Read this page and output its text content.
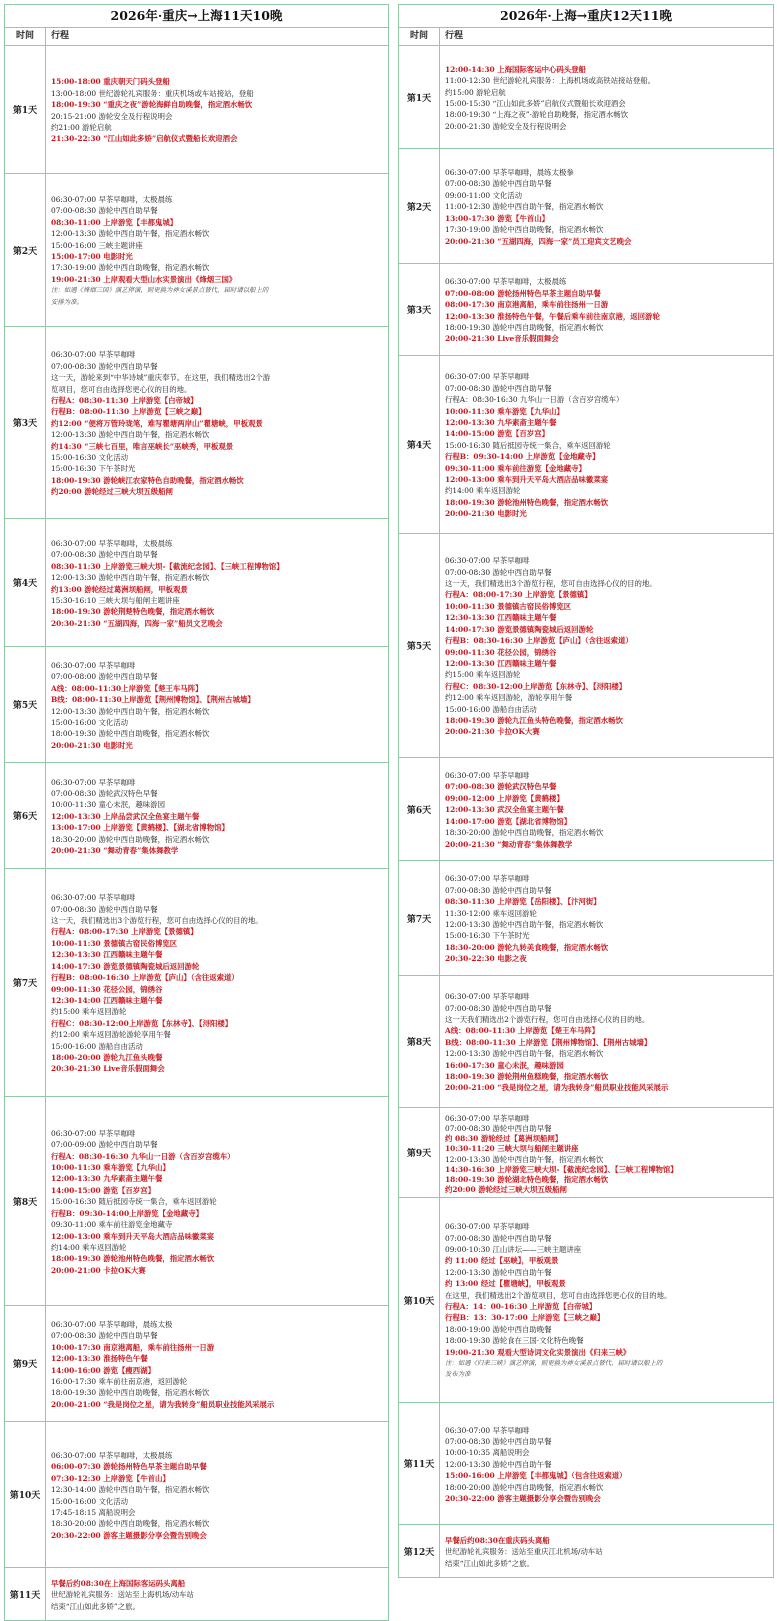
2026年·重庆→上海11天10晚
时间	行程
第1天
15:00-18:00 重庆朝天门码头登船
13:00-18:00 世纪游轮礼宾服务：重庆机场或车站接站，登船
18:00-19:30 “重庆之夜”游轮海鲜自助晚餐，指定酒水畅饮
20:15-21:00 游轮安全及行程说明会
约21:00 游轮启航
21:30-22:30 “江山如此多娇”启航仪式暨船长欢迎酒会
第2天
06:30-07:00 早茶早咖啡，太极晨练
07:00-08:30 游轮中西自助早餐
08:30-11:00 上岸游览【丰都鬼城】
12:00-13:30 游轮中西自助午餐，指定酒水畅饮
15:00-16:00 三峡主题讲座
15:00-17:00 电影时光
17:30-19:00 游轮中西自助晚餐，指定酒水畅饮
19:00-21:30 上岸观看大型山水实景演出《烽烟三国》
注：如遇《烽烟三国》演艺停演，则更换为神女溪景点替代，届时请以船上的
安排为准。
第3天
06:30-07:00 早茶早咖啡
07:00-08:30 游轮中西自助早餐
这一天，游轮来到“中华诗城”重庆奉节。在这里，我们精选出2个游
览项目，您可自由选择您更心仪的目的地。
行程A：08:30-11:30 上岸游览【白帝城】
行程B：08:00-11:30 上岸游览【三峡之巅】
约12:00 “便将万管玲珑笔，难写瞿塘两岸山”瞿塘峡，甲板观景
12:00-13:30 游轮中西自助午餐，指定酒水畅饮
约14:30 “三峡七百里，唯言巫峡长”巫峡秀，甲板观景
15:00-16:30 文化活动
15:00-16:30 下午茶时光
18:00-19:30 游轮峡江农家特色自助晚餐，指定酒水畅饮
约20:00 游轮经过三峡大坝五级船闸
第4天
06:30-07:00 早茶早咖啡，太极晨练
07:00-08:30 游轮中西自助早餐
08:30-11:30 上岸游览三峡大坝-【截流纪念园】、【三峡工程博物馆】
12:00-13:30 游轮中西自助午餐，指定酒水畅饮
约13:00 游轮经过葛洲坝船闸，甲板观景
15:30-16:10 三峡大坝与船闸主题讲座
18:00-19:30 游轮荆楚特色晚餐，指定酒水畅饮
20:30-21:30 “五湖四海，四海一家”船员文艺晚会
第5天
06:30-07:00 早茶早咖啡
07:00-08:00 游轮中西自助早餐
A线：08:00-11:30上岸游览【楚王车马阵】
B线：08:00-11:30上岸游览【荆州博物馆】、【荆州古城墙】
12:00-13:30 游轮中西自助午餐，指定酒水畅饮
15:00-16:00 文化活动
18:00-19:30 游轮中西自助晚餐，指定酒水畅饮
20:00-21:30 电影时光
第6天
06:30-07:00 早茶早咖啡
07:00-08:30 游轮武汉特色早餐
10:00-11:30 童心未泯，趣味游园
12:00-13:30 上岸品尝武汉全鱼宴主题午餐
13:00-17:00 上岸游览【黄鹤楼】、【湖北省博物馆】
18:30-20:00 游轮中西自助晚餐，指定酒水畅饮
20:00-21:30 “舞动青春”集体舞教学
第7天
06:30-07:00 早茶早咖啡
07:00-08:30 游轮中西自助早餐
这一天，我们精选出3个游览行程，您可自由选择心仪的目的地。
行程A：08:00-17:30 上岸游览【景德镇】
10:00-11:30 景德镇古窑民俗博览区
12:30-13:30 江西赣味主题午餐
14:00-17:30 游览景德镇陶瓷城后返回游轮
行程B：08:00-16:30 上岸游览【庐山】（含往返索道）
09:00-11:30 花径公园，锦绣谷
12:30-14:00 江西赣味主题午餐
约15:00 乘车返回游轮
行程C：08:30-12:00上岸游览【东林寺】、【浔阳楼】
约12:00 乘车返回游轮游轮享用午餐
15:00-16:00 游船自由活动
18:00-20:00 游轮九江鱼头晚餐
20:30-21:30 Live音乐假面舞会
第8天
06:30-07:00 早茶早咖啡
07:00-09:00 游轮中西自助早餐
行程A：08:30-16:30 九华山一日游（含百岁宫缆车）
10:00-11:30 乘车游览【九华山】
12:00-13:30 九华素斋主题午餐
14:00-15:00 游览【百岁宫】
15:00-16:30 随后抵园寺统一集合，乘车返回游轮
行程B：09:30-14:00上岸游览【金地藏寺】
09:30-11:00 乘车前往游览金地藏寺
12:00-13:00 乘车到升天平岛大酒店品味徽菜宴
约14:00 乘车返回游轮
18:00-19:30 游轮池州特色晚餐，指定酒水畅饮
20:00-21:00 卡拉OK大赛
第9天
06:30-07:00 早茶早咖啡，晨练太极
07:00-08:30 游轮中西自助早餐
10:00-17:30 南京港离船，乘车前往扬州一日游
12:00-13:30 淮扬特色午餐
14:00-16:00 游览【瘦西湖】
16:00-17:30 乘车前往南京港，返回游轮
18:00-19:30 游轮中西自助晚餐，指定酒水畅饮
20:00-21:00 “我是岗位之星，请为我转身”船员职业技能风采展示
第10天
06:30-07:00 早茶早咖啡，太极晨练
06:00-07:30 游轮扬州特色早茶主题自助早餐
07:30-12:30 上岸游览【牛首山】
12:30-14:00 游轮中西自助午餐，指定酒水畅饮
15:00-16:00 文化活动
17:45-18:15 离船说明会
18:30-20:00 游轮中西自助晚餐，指定酒水畅饮
20:30-22:00 游客主题摄影分享会暨告别晚会
第11天
早餐后约08:30在上海国际客运码头离船
世纪游轮礼宾服务：送站至上海机场/动车站
结束“江山如此多娇”之旅。
2026年·上海→重庆12天11晚
时间	行程
第1天
12:00-14:30 上海国际客运中心码头登船
11:00-12:30 世纪游轮礼宾服务：上海机场或高铁站接站登船。
约15:00 游轮启航
15:00-15:30 “江山如此多娇”启航仪式暨船长欢迎酒会
18:00-19:30 “上海之夜”·游轮自助晚餐，指定酒水畅饮
20:00-21:30 游轮安全及行程说明会
第2天
06:30-07:00 早茶早咖啡，晨练太极拳
07:00-08:30 游轮中西自助早餐
09:00-11:00 文化活动
11:00-12:30 游轮中西自助午餐，指定酒水畅饮
13:00-17:30 游览【牛首山】
17:30-19:00 游轮中西自助晚餐，指定酒水畅饮
20:00-21:30 “五湖四海，四海一家”员工迎宾文艺晚会
第3天
06:30-07:00 早茶早咖啡，太极晨练
07:00-08:00 游轮扬州特色早茶主题自助早餐
08:00-17:30 南京港离船，乘车前往扬州一日游
12:00-13:30 淮扬特色午餐，午餐后乘车前往南京港，返回游轮
18:00-19:30 游轮中西自助晚餐，指定酒水畅饮
20:00-21:30 Live音乐假面舞会
第4天
06:30-07:00 早茶早咖啡
07:00-08:30 游轮中西自助早餐
行程A：08:30-16:30 九华山一日游（含百岁宫缆车）
10:00-11:30 乘车游览【九华山】
12:00-13:30 九华素斋主题午餐
14:00-15:00 游览【百岁宫】
15:00-16:30 随后抵园寺统一集合，乘车返回游轮
行程B：09:30-14:00 上岸游览【金地藏寺】
09:30-11:00 乘车前往游览【金地藏寺】
12:00-13:00 乘车到升天平岛大酒店品味徽菜宴
约14:00 乘车返回游轮
18:00-19:30 游轮池州特色晚餐，指定酒水畅饮
20:00-21:30 电影时光
第5天
06:30-07:00 早茶早咖啡
07:00-08:30 游轮中西自助早餐
这一天，我们精选出3个游览行程，您可自由选择心仪的目的地。
行程A：08:00-17:30 上岸游览【景德镇】
10:00-11:30 景德镇古窑民俗博览区
12:30-13:30 江西赣味主题午餐
14:00-17:30 游览景德镇陶瓷城后返回游轮
行程B：08:30-16:30 上岸游览【庐山】（含往返索道）
09:00-11:30 花径公园，锦绣谷
12:00-13:30 江西赣味主题午餐
约15:00 乘车返回游轮
行程C：08:30-12:00上岸游览【东林寺】、【浔阳楼】
约12:00 乘车返回游轮，游轮享用午餐
15:00-16:00 游船自由活动
18:00-19:30 游轮九江鱼头特色晚餐，指定酒水畅饮
20:00-21:30 卡拉OK大赛
第6天
06:30-07:00 早茶早咖啡
07:00-08:30 游轮武汉特色早餐
09:00-12:00 上岸游览【黄鹤楼】
12:00-13:30 武汉全鱼宴主题午餐
14:00-17:00 游览【湖北省博物馆】
18:30-20:00 游轮中西自助晚餐，指定酒水畅饮
20:00-21:30 “舞动青春”集体舞教学
第7天
06:30-07:00 早茶早咖啡
07:00-08:30 游轮中西自助早餐
08:30-11:30 上岸游览【岳阳楼】、【汴河街】
11:30-12:00 乘车返回游轮
12:00-13:30 游轮中西自助午餐，指定酒水畅饮
15:00-16:30 下午茶时光
18:30-20:00 游轮九转美食晚餐，指定酒水畅饮
20:30-22:30 电影之夜
第8天
06:30-07:00 早茶早咖啡
07:00-08:30 游轮中西自助早餐
这一天我们精选出2个游览行程，您可自由选择心仪的目的地。
A线：08:00-11:30 上岸游览【楚王车马阵】
B线：08:00-11:30 上岸游览【荆州博物馆】、【荆州古城墙】
12:00-13:30 游轮中西自助午餐，指定酒水畅饮
16:00-17:30 童心未泯，趣味游园
18:00-19:30 游轮荆州鱼糕晚餐，指定酒水畅饮
20:00-21:00 “我是岗位之星，请为我转身”船员职业技能风采展示
第9天
06:30-07:00 早茶早咖啡
07:00-08:30 游轮中西自助早餐
约 08:30 游轮经过【葛洲坝船闸】
10:30-11:20 三峡大坝与船闸主题讲座
12:00-13:30 游轮中西自助午餐，指定酒水畅饮
14:30-16:30 上岸游览三峡大坝-【截流纪念园】、【三峡工程博物馆】
18:00-19:30 游轮湖北特色晚餐，指定酒水畅饮
约20:00 游轮经过三峡大坝五级船闸
第10天
06:30-07:00 早茶早咖啡
07:00-08:30 游轮中西自助早餐
09:00-10:30 江山讲坛——三峡主题讲座
约 11:00 经过【巫峡】，甲板观景
12:00-13:30 游轮中西自助午餐
约 13:00 经过【瞿塘峡】，甲板观景
在这里，我们精选出2个游览项目，您可自由选择您更心仪的目的地。
行程A：14：00-16:30 上岸游览【白帝城】
行程B：13：30-17:00 上岸游览【三峡之巅】
18:00-19:00 游轮中西自助晚餐
18:00-19:30 游轮食在三国·文化特色晚餐
19:00-21:30 观看大型诗词文化实景演出《归来三峡》
注：如遇《归来三峡》演艺停演，则更换为神女溪景点替代，届时请以船上的
发布为准
第11天
06:30-07:00 早茶早咖啡
07:00-08:30 游轮中西自助早餐
10:00-10:35 离船说明会
12:00-13:30 游轮中西自助午餐
15:00-16:00 上岸游览【丰都鬼城】（包含往返索道）
18:00-20:00 游轮中西自助晚餐，指定酒水畅饮
20:30-22:00 游客主题摄影分享会暨告别晚会
第12天
早餐后约08:30在重庆码头离船
世纪游轮礼宾服务：送站至重庆江北机场/动车站
结束“江山如此多娇”之旅。
